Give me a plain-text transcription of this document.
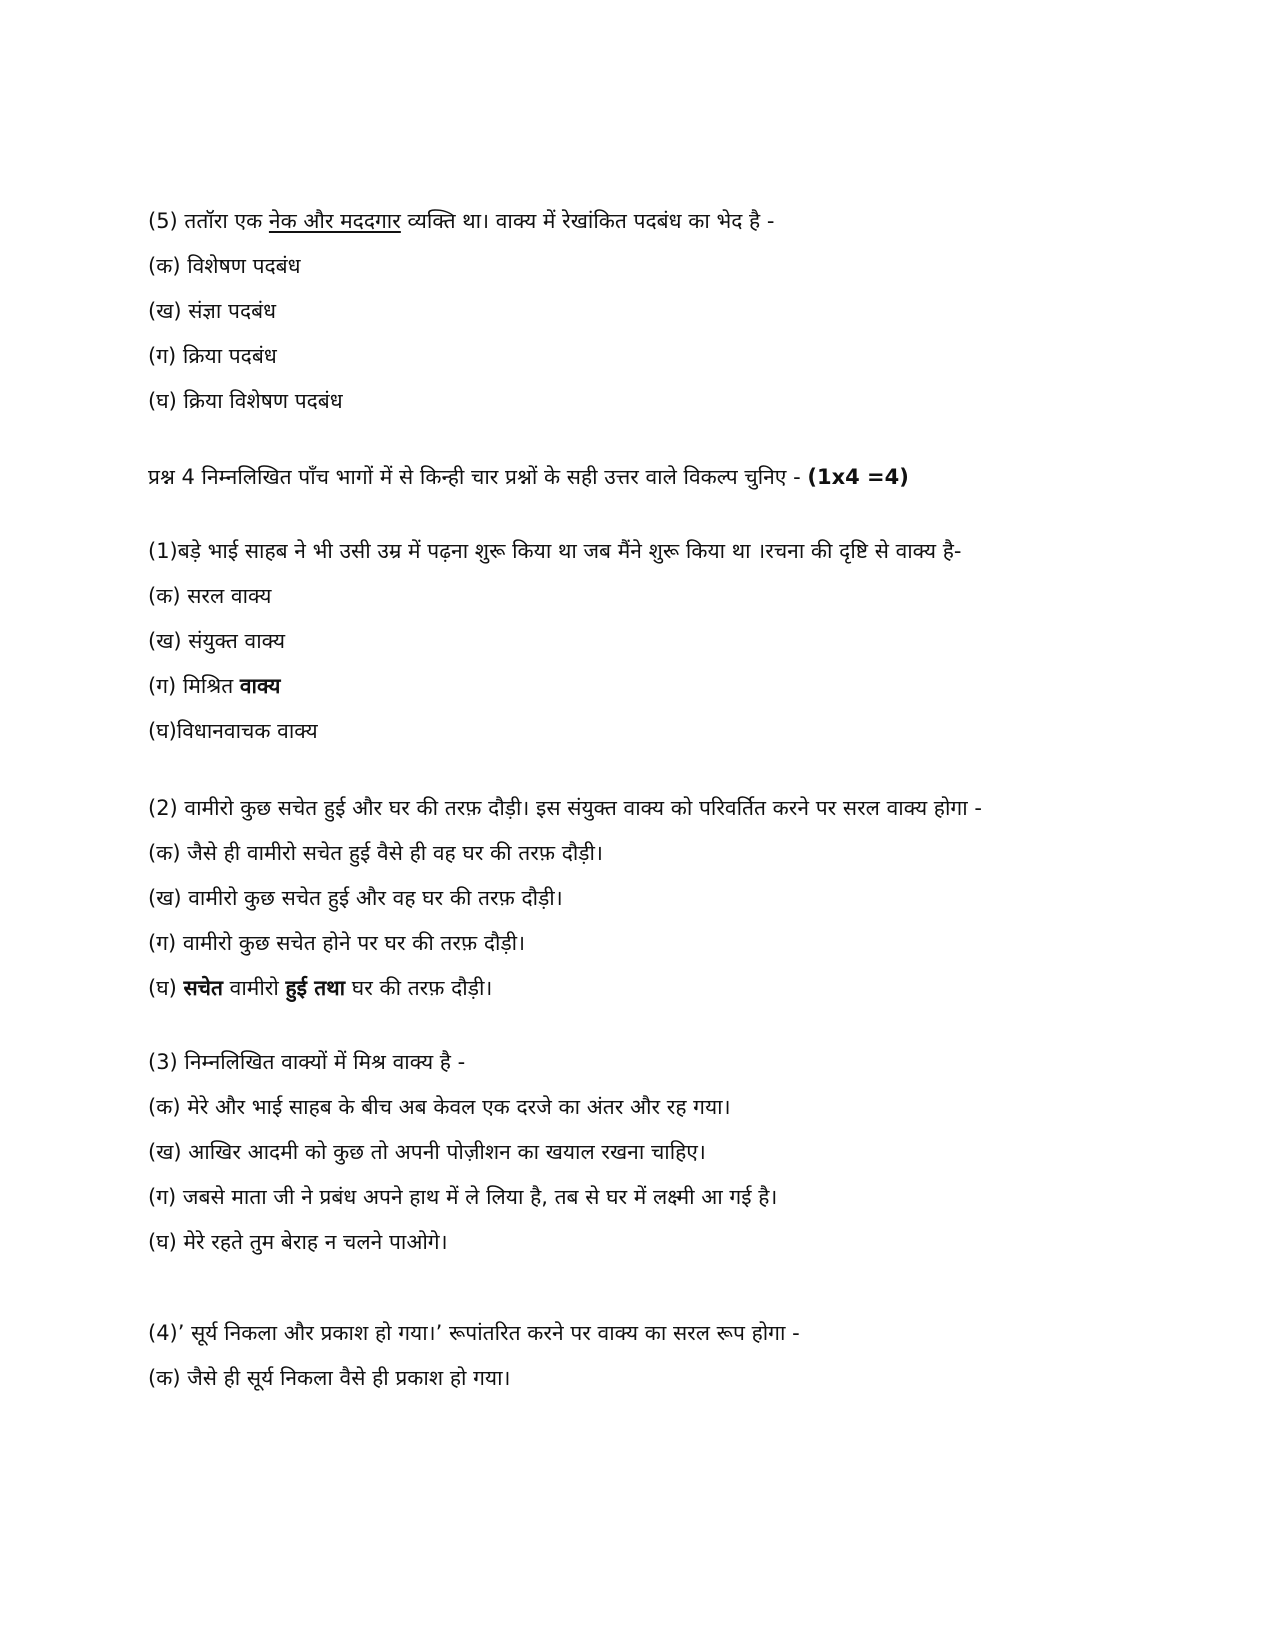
(5) ततॉरा एक नेक और मददगार व्यक्ति था। वाक्य में रेखांकित पदबंध का भेद है -
(क) विशेषण पदबंध
(ख) संज्ञा पदबंध
(ग) क्रिया पदबंध
(घ) क्रिया विशेषण पदबंध
प्रश्न 4 निम्नलिखित पाँच भागों में से किन्ही चार प्रश्नों के सही उत्तर वाले विकल्प चुनिए - (1x4 =4)
(1)बड़े भाई साहब ने भी उसी उम्र में पढ़ना शुरू किया था जब मैंने शुरू किया था ।रचना की दृष्टि से वाक्य है-
(क) सरल वाक्य
(ख) संयुक्त वाक्य
(ग) मिश्रित वाक्य
(घ)विधानवाचक वाक्य
(2) वामीरो कुछ सचेत हुई और घर की तरफ़ दौड़ी। इस संयुक्त वाक्य को परिवर्तित करने पर सरल वाक्य होगा -
(क) जैसे ही वामीरो सचेत हुई वैसे ही वह घर की तरफ़ दौड़ी।
(ख) वामीरो कुछ सचेत हुई और वह घर की तरफ़ दौड़ी।
(ग) वामीरो कुछ सचेत होने पर घर की तरफ़ दौड़ी।
(घ) सचेत वामीरो हुई तथा घर की तरफ़ दौड़ी।
(3) निम्नलिखित वाक्यों में मिश्र वाक्य है -
(क) मेरे और भाई साहब के बीच अब केवल एक दरजे का अंतर और रह गया।
(ख) आखिर आदमी को कुछ तो अपनी पोज़ीशन का खयाल रखना चाहिए।
(ग) जबसे माता जी ने प्रबंध अपने हाथ में ले लिया है, तब से घर में लक्ष्मी आ गई है।
(घ) मेरे रहते तुम बेराह न चलने पाओगे।
(4)’ सूर्य निकला और प्रकाश हो गया।’ रूपांतरित करने पर वाक्य का सरल रूप होगा -
(क) जैसे ही सूर्य निकला वैसे ही प्रकाश हो गया।
